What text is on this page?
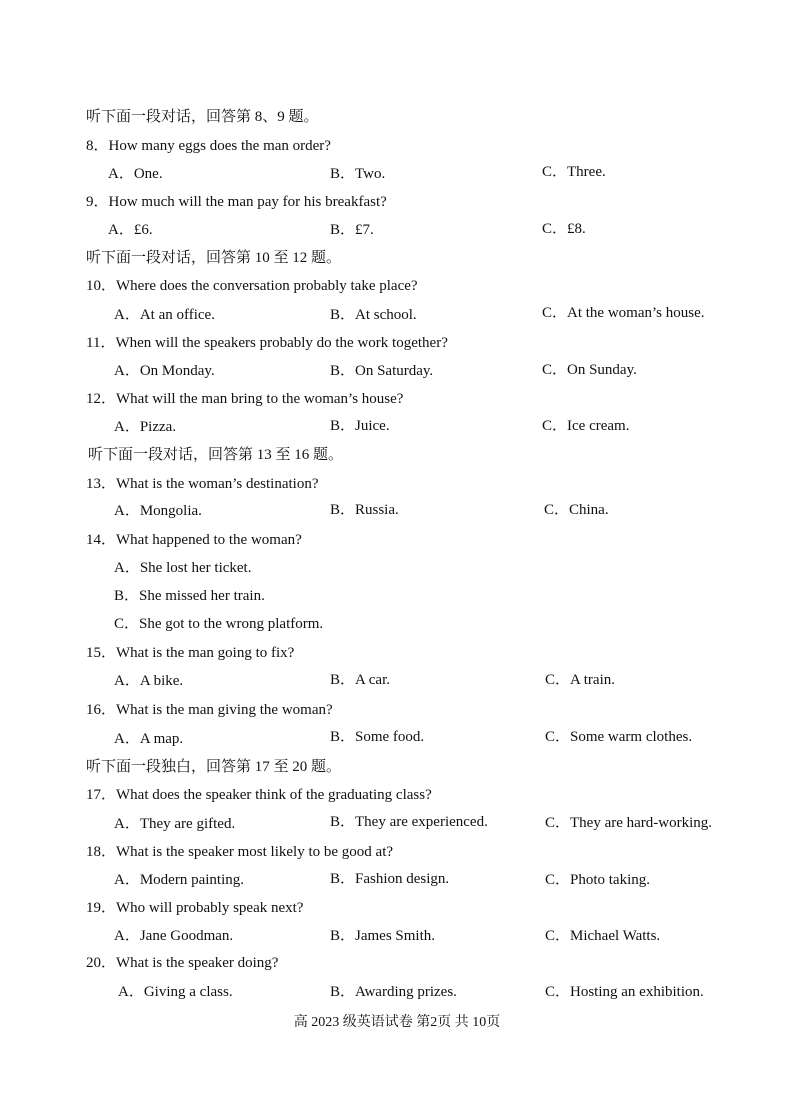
听下面一段对话，回答第 8、9 题。
8．How many eggs does the man order?
A．One.	B．Two.	C．Three.
9．How much will the man pay for his breakfast?
A．£6.	B．£7.	C．£8.
听下面一段对话，回答第 10 至 12 题。
10．Where does the conversation probably take place?
A．At an office.	B．At school.	C．At the woman’s house.
11．When will the speakers probably do the work together?
A．On Monday.	B．On Saturday.	C．On Sunday.
12．What will the man bring to the woman’s house?
A．Pizza.	B．Juice.	C．Ice cream.
听下面一段对话，回答第 13 至 16 题。
13．What is the woman’s destination?
A．Mongolia.	B．Russia.	C．China.
14．What happened to the woman?
A．She lost her ticket.
B．She missed her train.
C．She got to the wrong platform.
15．What is the man going to fix?
A．A bike.	B．A car.	C．A train.
16．What is the man giving the woman?
A．A map.	B．Some food.	C．Some warm clothes.
听下面一段独白，回答第 17 至 20 题。
17．What does the speaker think of the graduating class?
A．They are gifted.	B．They are experienced.	C．They are hard-working.
18．What is the speaker most likely to be good at?
A．Modern painting.	B．Fashion design.	C．Photo taking.
19．Who will probably speak next?
A．Jane Goodman.	B．James Smith.	C．Michael Watts.
20．What is the speaker doing?
A．Giving a class.	B．Awarding prizes.	C．Hosting an exhibition.
高 2023 级英语试卷 第2页 共 10页
